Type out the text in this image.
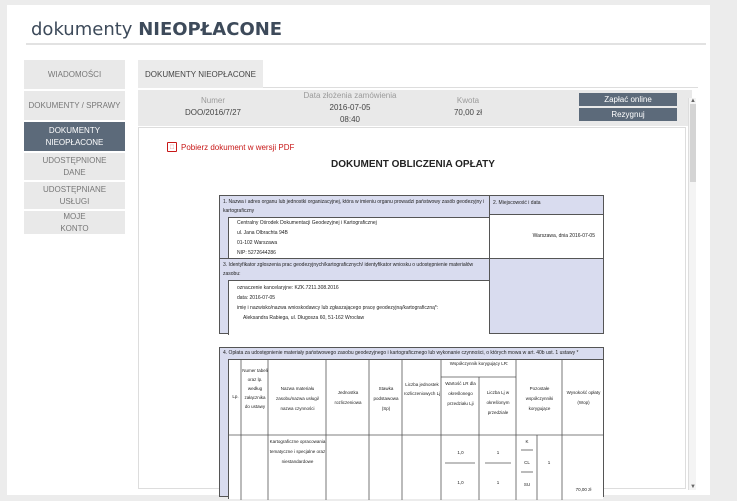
dokumenty NIEOPŁACONE
WIADOMOŚCI
DOKUMENTY / SPRAWY
DOKUMENTY
NIEOPŁACONE
UDOSTĘPNIONE
DANE
UDOSTĘPNIANE
USŁUGI
MOJE
KONTO
DOKUMENTY NIEOPŁACONE
Numer
DOO/2016/7/27
Data złożenia zamówienia
2016-07-05
08:40
Kwota
70,00 zł
Zapłać online
Rezygnuj
⬚ Pobierz dokument w wersji PDF
DOKUMENT OBLICZENIA OPŁATY
1. Nazwa i adres organu lub jednostki organizacyjnej, która w imieniu organu prowadzi państwowy zasób geodezyjny i kartograficzny
Centralny Ośrodek Dokumentacji Geodezyjnej i Kartograficznej
ul. Jana Olbrachta 94B
01-102 Warszawa
NIP: 5272644286
2. Miejscowość i data
Warszawa, dnia 2016-07-05
3. Identyfikator zgłoszenia prac geodezyjnych/kartograficznych/ identyfikator wniosku o udostępnienie materiałów zasobu:
oznaczenie kancelaryjne: KZK.7211.308.2016
data: 2016-07-05
imię i nazwisko/nazwa wnioskodawcy lub zgłaszającego pracę geodezyjną/kartograficzną*:
Aleksandra Rabiega, ul. Długosza 60, 51-162 Wrocław
4. Opłata za udostępnienie materiały państwowego zasobu geodezyjnego i kartograficznego lub wykonanie czynności, o których mowa w art. 40b ust. 1 ustawy *
Lp.
Numer tabeli oraz lp. według załącznika do ustawy
Nazwa materiału zasobu/nazwa usługi/ nazwa czynności
Jednostka rozliczeniowa
Stawka podstawowa (Sp)
Liczba jednostek rozliczeniowych Lj
Współczynnik korygujący LR:
Wartość LR dla określonego przedziału Lji
Liczba Lj w określonym przedziale
Pozostałe współczynniki korygujące
Wysokość opłaty (Wop)
Kartograficzne opracowania tematyczne i specjalne oraz niestandardowe
1,0	1
1,0	1
K
CL
SU
1
70,00 zł
▲
▼
